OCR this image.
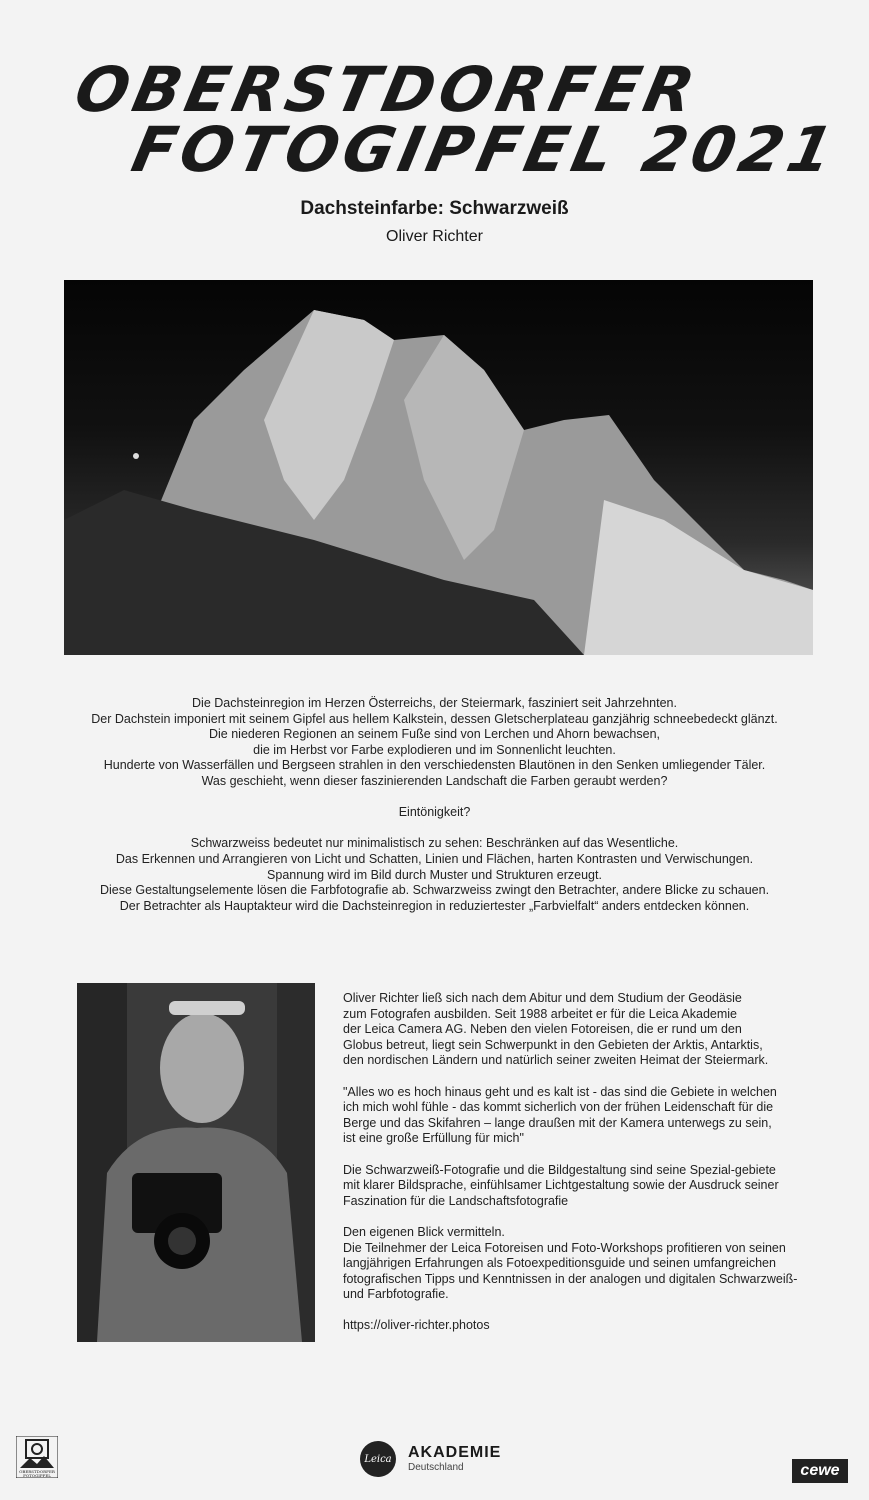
OBERSTDORFER
FOTOGIPFEL 2021
Dachsteinfarbe: Schwarzweiß
Oliver Richter

Die Dachsteinregion im Herzen Österreichs, der Steiermark, fasziniert seit Jahrzehnten.
Der Dachstein imponiert mit seinem Gipfel aus hellem Kalkstein, dessen Gletscherplateau ganzjährig schneebedeckt glänzt.
Die niederen Regionen an seinem Fuße sind von Lerchen und Ahorn bewachsen,
die im Herbst vor Farbe explodieren und im Sonnenlicht leuchten.
Hunderte von Wasserfällen und Bergseen strahlen in den verschiedensten Blautönen in den Senken umliegender Täler.
Was geschieht, wenn dieser faszinierenden Landschaft die Farben geraubt werden?

Eintönigkeit?

Schwarzweiss bedeutet nur minimalistisch zu sehen: Beschränken auf das Wesentliche.
Das Erkennen und Arrangieren von Licht und Schatten, Linien und Flächen, harten Kontrasten und Verwischungen.
Spannung wird im Bild durch Muster und Strukturen erzeugt.
Diese Gestaltungselemente lösen die Farbfotografie ab. Schwarzweiss zwingt den Betrachter, andere Blicke zu schauen.
Der Betrachter als Hauptakteur wird die Dachsteinregion in reduziertester „Farbvielfalt“ anders entdecken können.

Oliver Richter ließ sich nach dem Abitur und dem Studium der Geodäsie
zum Fotografen ausbilden. Seit 1988 arbeitet er für die Leica Akademie
der Leica Camera AG. Neben den vielen Fotoreisen, die er rund um den
Globus betreut, liegt sein Schwerpunkt in den Gebieten der Arktis, Antarktis,
den nordischen Ländern und natürlich seiner zweiten Heimat der Steiermark.

"Alles wo es hoch hinaus geht und es kalt ist - das sind die Gebiete in welchen
ich mich wohl fühle - das kommt sicherlich von der frühen Leidenschaft für die
Berge und das Skifahren – lange draußen mit der Kamera unterwegs zu sein,
ist eine große Erfüllung für mich"

Die Schwarzweiß-Fotografie und die Bildgestaltung sind seine Spezial-gebiete
mit klarer Bildsprache, einfühlsamer Lichtgestaltung sowie der Ausdruck seiner
Faszination für die Landschaftsfotografie

Den eigenen Blick vermitteln.
Die Teilnehmer der Leica Fotoreisen und Foto-Workshops profitieren von seinen
langjährigen Erfahrungen als Fotoexpeditionsguide und seinen umfangreichen
fotografischen Tipps und Kenntnissen in der analogen und digitalen Schwarzweiß-
und Farbfotografie.

https://oliver-richter.photos

OBERSTDORFER
FOTOGIPFEL
Leica AKADEMIE
Deutschland	cewe
